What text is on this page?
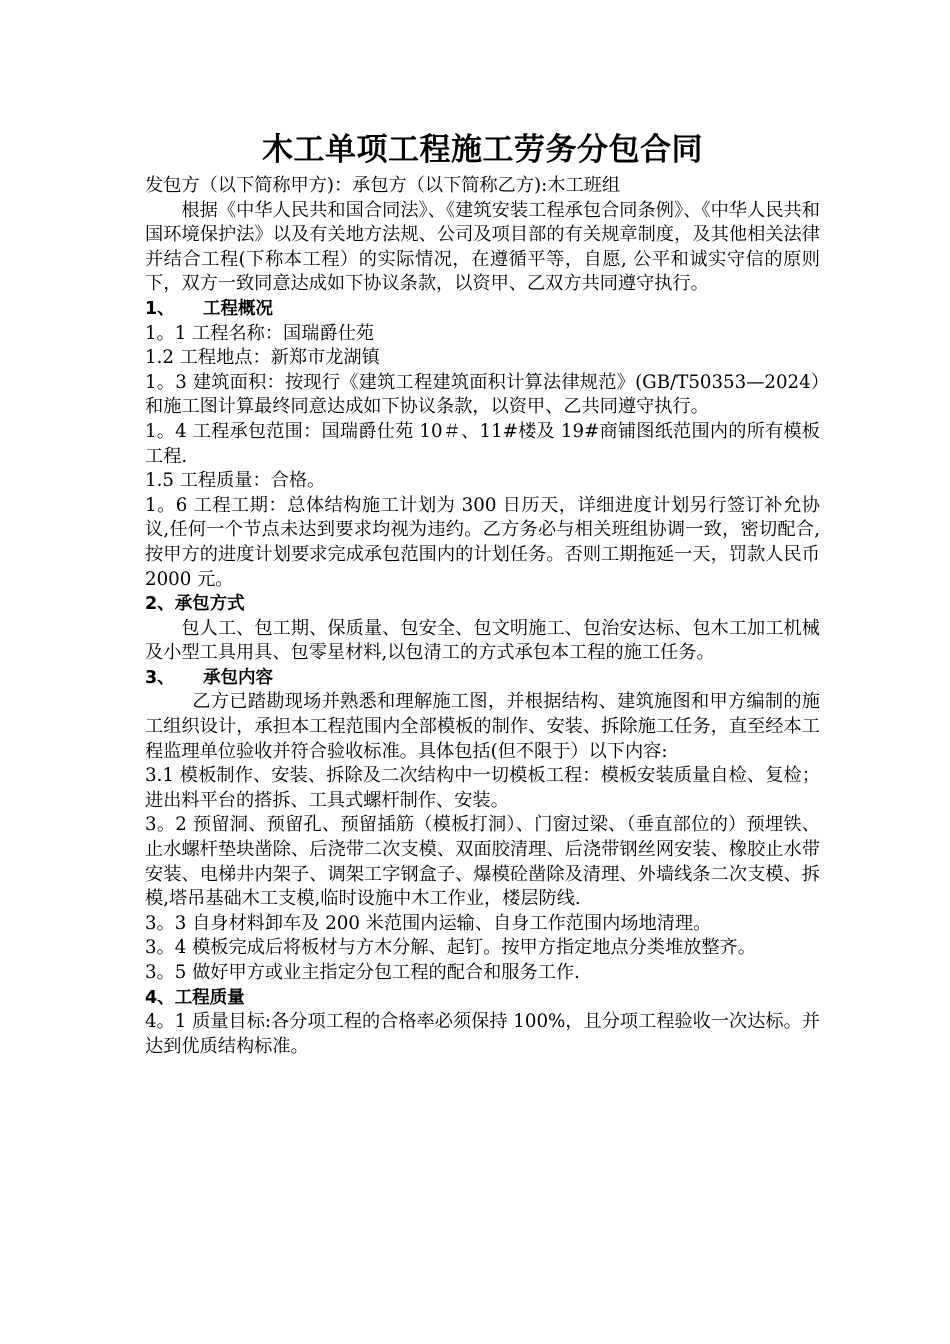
木工单项工程施工劳务分包合同

发包方（以下简称甲方)：承包方（以下简称乙方):木工班组

根据《中华人民共和国合同法》、《建筑安装工程承包合同条例》、《中华人民共和国环境保护法》以及有关地方法规、公司及项目部的有关规章制度，及其他相关法律并结合工程(下称本工程）的实际情况，在遵循平等，自愿, 公平和诚实守信的原则下，双方一致同意达成如下协议条款，以资甲、乙双方共同遵守执行。

1、 工程概况

1。1 工程名称：国瑞爵仕苑

1.2 工程地点：新郑市龙湖镇

1。3 建筑面积：按现行《建筑工程建筑面积计算法律规范》(GB/T50353—2024）和施工图计算最终同意达成如下协议条款，以资甲、乙共同遵守执行。

1。4 工程承包范围：国瑞爵仕苑 10＃、11#楼及 19#商铺图纸范围内的所有模板工程.

1.5 工程质量：合格。

1。6 工程工期：总体结构施工计划为 300 日历天，详细进度计划另行签订补允协议,任何一个节点未达到要求均视为违约。乙方务必与相关班组协调一致，密切配合,按甲方的进度计划要求完成承包范围内的计划任务。否则工期拖延一天，罚款人民币 2000 元。

2、承包方式

包人工、包工期、保质量、包安全、包文明施工、包治安达标、包木工加工机械及小型工具用具、包零星材料,以包清工的方式承包本工程的施工任务。

3、 承包内容

乙方已踏勘现场并熟悉和理解施工图，并根据结构、建筑施图和甲方编制的施工组织设计，承担本工程范围内全部模板的制作、安装、拆除施工任务，直至经本工程监理单位验收并符合验收标准。具体包括(但不限于）以下内容:

3.1 模板制作、安装、拆除及二次结构中一切模板工程：模板安装质量自检、复检；进出料平台的搭拆、工具式螺杆制作、安装。

3。2 预留洞、预留孔、预留插筋（模板打洞）、门窗过梁、（垂直部位的）预埋铁、止水螺杆垫块凿除、后浇带二次支模、双面胶清理、后浇带钢丝网安装、橡胶止水带安装、电梯井内架子、调架工字钢盒子、爆模砼凿除及清理、外墙线条二次支模、拆模,塔吊基础木工支模,临时设施中木工作业，楼层防线.

3。3 自身材料卸车及 200 米范围内运输、自身工作范围内场地清理。

3。4 模板完成后将板材与方木分解、起钉。按甲方指定地点分类堆放整齐。

3。5 做好甲方或业主指定分包工程的配合和服务工作.

4、工程质量

4。1 质量目标:各分项工程的合格率必须保持 100%，且分项工程验收一次达标。并达到优质结构标准。
